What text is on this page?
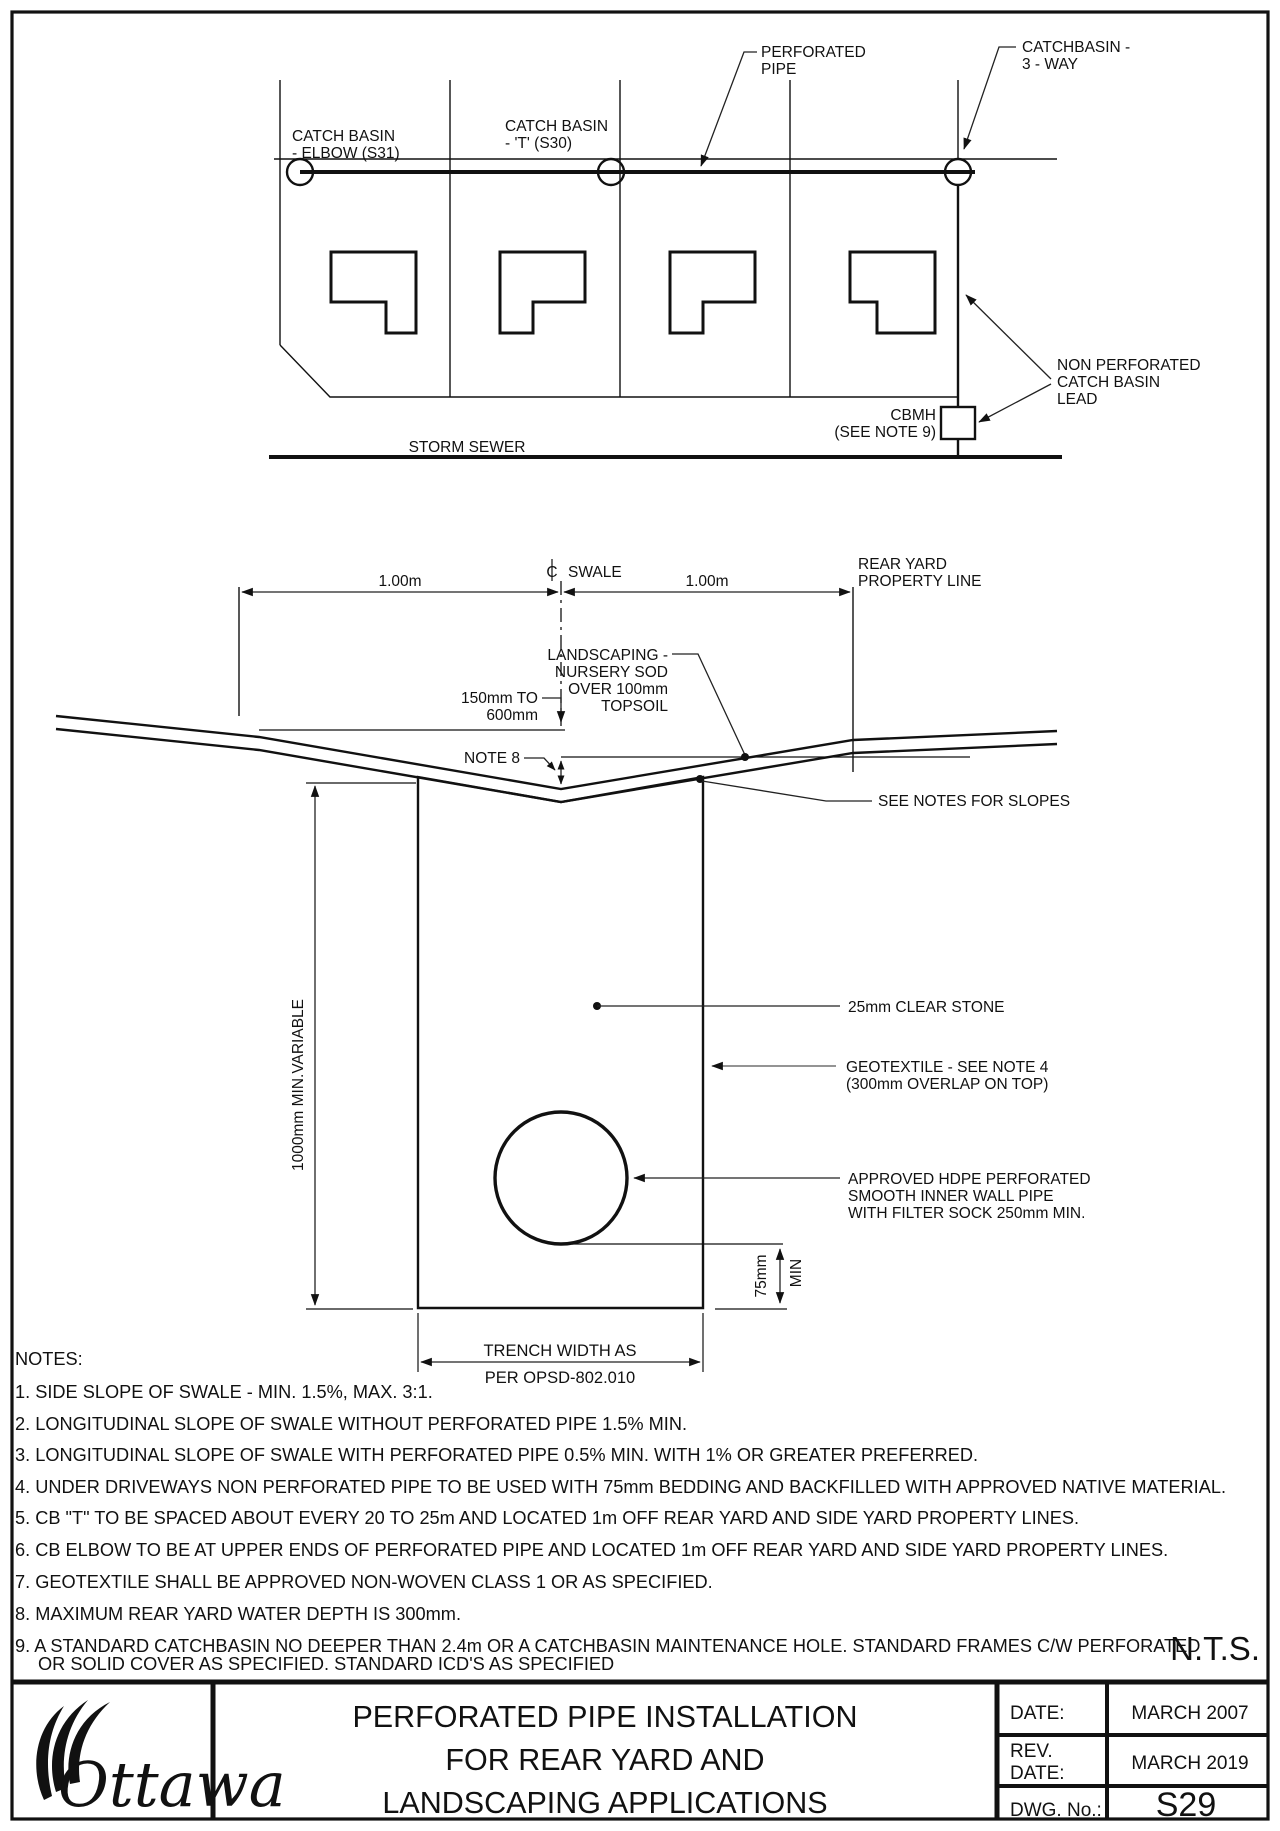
CATCH BASIN
- ELBOW (S31)
CATCH BASIN
- 'T' (S30)
PERFORATED
PIPE
CATCHBASIN -
3 - WAY
NON PERFORATED
CATCH BASIN
LEAD
CBMH
(SEE NOTE 9)
STORM SEWER
1.00m	1.00m
C SWALE
150mm TO
600mm
NOTE 8
1000mm MIN.VARIABLE	25mm CLEAR STONE
GEOTEXTILE - SEE NOTE 4
(300mm OVERLAP ON TOP)
APPROVED HDPE PERFORATED
SMOOTH INNER WALL PIPE
WITH FILTER SOCK 250mm MIN.
75mm MIN
TRENCH WIDTH AS
PER OPSD-802.010
REAR YARD
PROPERTY LINE
LANDSCAPING -
NURSERY SOD
OVER 100mm
TOPSOIL
SEE NOTES FOR SLOPES
NOTES:
1. SIDE SLOPE OF SWALE - MIN. 1.5%, MAX. 3:1.
2. LONGITUDINAL SLOPE OF SWALE WITHOUT PERFORATED PIPE 1.5% MIN.
3. LONGITUDINAL SLOPE OF SWALE WITH PERFORATED PIPE 0.5% MIN. WITH 1% OR GREATER PREFERRED.
4. UNDER DRIVEWAYS NON PERFORATED PIPE TO BE USED WITH 75mm BEDDING AND BACKFILLED WITH APPROVED NATIVE MATERIAL.
5. CB "T" TO BE SPACED ABOUT EVERY 20 TO 25m AND LOCATED 1m OFF REAR YARD AND SIDE YARD PROPERTY LINES.
6. CB ELBOW TO BE AT UPPER ENDS OF PERFORATED PIPE AND LOCATED 1m OFF REAR YARD AND SIDE YARD PROPERTY LINES.
7. GEOTEXTILE SHALL BE APPROVED NON-WOVEN CLASS 1 OR AS SPECIFIED.
8. MAXIMUM REAR YARD WATER DEPTH IS 300mm.
9. A STANDARD CATCHBASIN NO DEEPER THAN 2.4m OR A CATCHBASIN MAINTENANCE HOLE. STANDARD FRAMES C/W PERFORATED
OR SOLID COVER AS SPECIFIED. STANDARD ICD'S AS SPECIFIED	N.T.S.
Ottawa
PERFORATED PIPE INSTALLATION
FOR REAR YARD AND
LANDSCAPING APPLICATIONS
DATE:	MARCH 2007
REV.
DATE:	MARCH 2019
DWG. No.: S29
